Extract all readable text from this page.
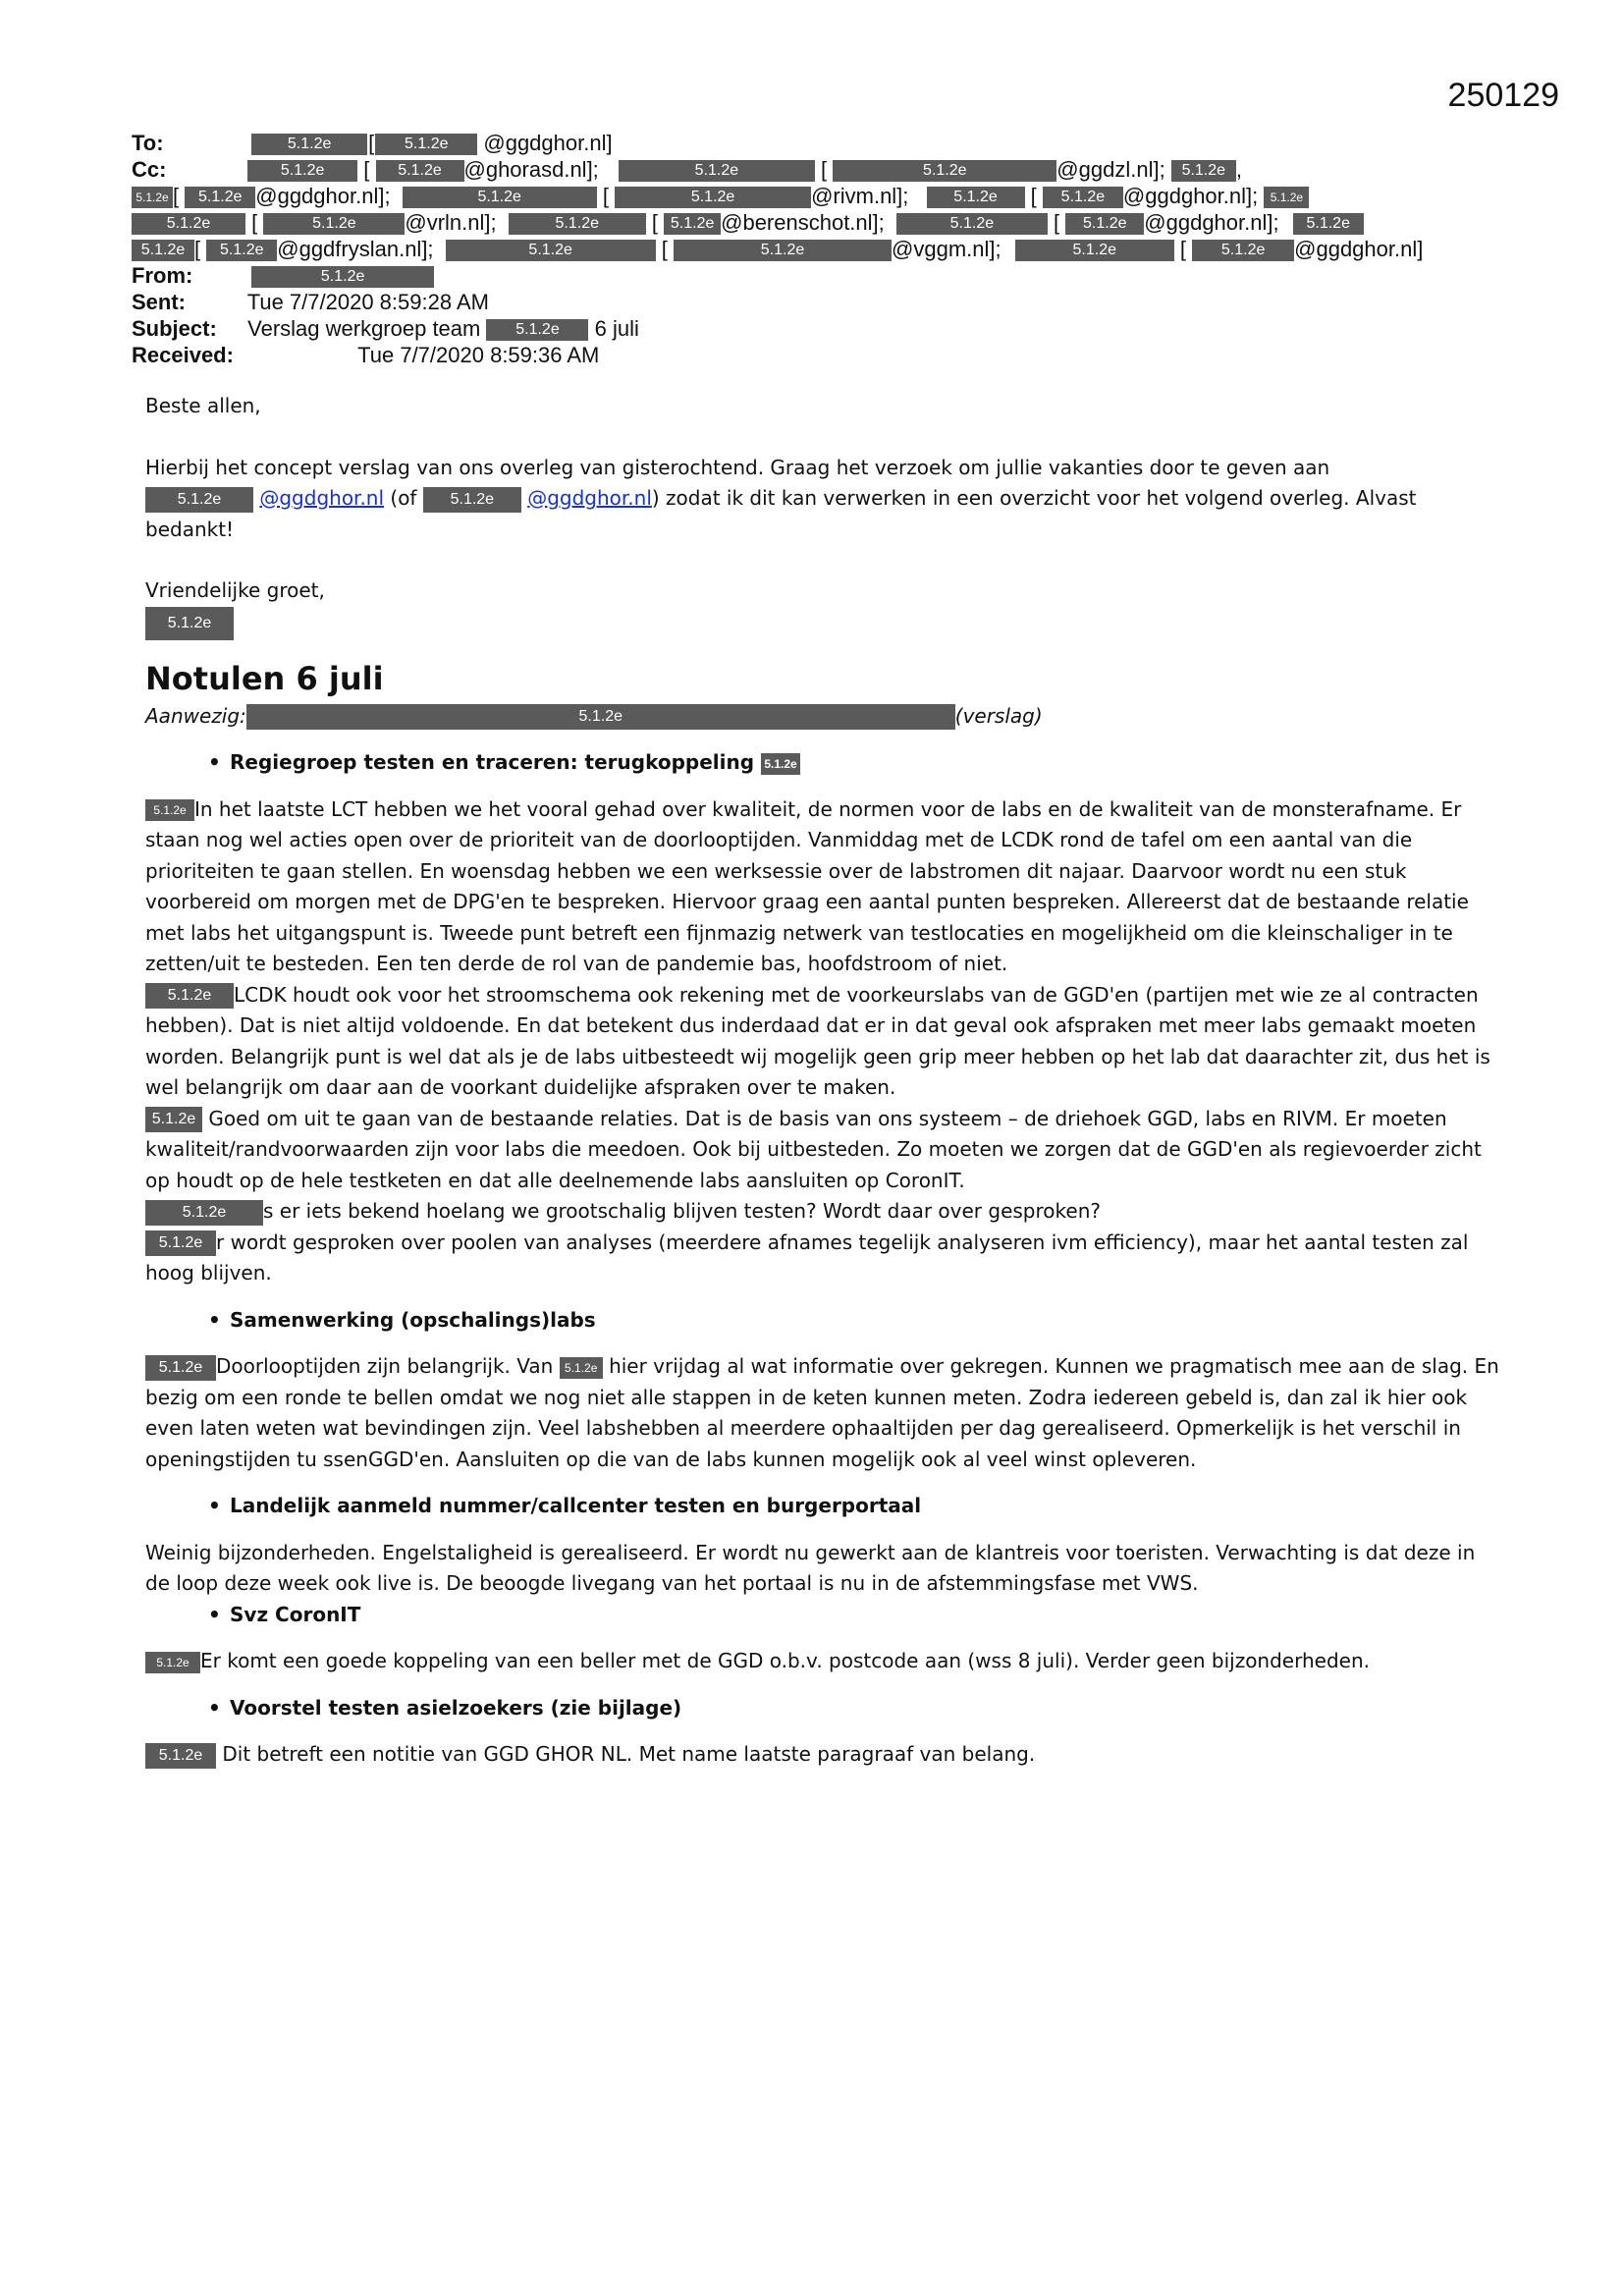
250129
To:	5.1.2e [ 5.1.2e @ggdghor.nl]
Cc:	5.1.2e [ 5.1.2e @ghorasd.nl];	5.1.2e	[	5.1.2e	@ggdzl.nl]; 5.1.2e ,
5.1.2e [ 5.1.2e @ggdghor.nl];	5.1.2e	[	5.1.2e	@rivm.nl];	5.1.2e [ 5.1.2e @ggdghor.nl]; 5.1.2e
5.1.2e [	5.1.2e @vrln.nl];	5.1.2e [ 5.1.2e @berenschot.nl];	5.1.2e	[ 5.1.2e @ggdghor.nl]; 5.1.2e
5.1.2e [ 5.1.2e @ggdfryslan.nl];	5.1.2e	[	5.1.2e	@vggm.nl];	5.1.2e	[ 5.1.2e @ggdghor.nl]
From:	5.1.2e
Sent:	Tue 7/7/2020 8:59:28 AM
Subject: Verslag werkgroep team 5.1.2e 6 juli
Received:	Tue 7/7/2020 8:59:36 AM

Beste allen,

Hierbij het concept verslag van ons overleg van gisterochtend. Graag het verzoek om jullie vakanties door te geven aan
5.1.2e @ggdghor.nl (of 5.1.2e @ggdghor.nl) zodat ik dit kan verwerken in een overzicht voor het volgend overleg. Alvast bedankt!

Vriendelijke groet,

5.1.2e

Notulen 6 juli

Aanwezig:	5.1.2e	(verslag)

• Regiegroep testen en traceren: terugkoppeling 5.1.2e

5.1.2e In het laatste LCT hebben we het vooral gehad over kwaliteit, de normen voor de labs en de kwaliteit van de monsterafname. Er staan nog wel acties open over de prioriteit van de doorlooptijden. Vanmiddag met de LCDK rond de tafel om een aantal van die prioriteiten te gaan stellen. En woensdag hebben we een werksessie over de labstromen dit najaar. Daarvoor wordt nu een stuk voorbereid om morgen met de DPG'en te bespreken. Hiervoor graag een aantal punten bespreken. Allereerst dat de bestaande relatie met labs het uitgangspunt is. Tweede punt betreft een fijnmazig netwerk van testlocaties en mogelijkheid om die kleinschaliger in te zetten/uit te besteden. Een ten derde de rol van de pandemie bas, hoofdstroom of niet.

5.1.2e LCDK houdt ook voor het stroomschema ook rekening met de voorkeurslabs van de GGD'en (partijen met wie ze al contracten hebben). Dat is niet altijd voldoende. En dat betekent dus inderdaad dat er in dat geval ook afspraken met meer labs gemaakt moeten worden. Belangrijk punt is wel dat als je de labs uitbesteedt wij mogelijk geen grip meer hebben op het lab dat daarachter zit, dus het is wel belangrijk om daar aan de voorkant duidelijke afspraken over te maken.

5.1.2e Goed om uit te gaan van de bestaande relaties. Dat is de basis van ons systeem – de driehoek GGD, labs en RIVM. Er moeten kwaliteit/randvoorwaarden zijn voor labs die meedoen. Ook bij uitbesteden. Zo moeten we zorgen dat de GGD'en als regievoerder zicht op houdt op de hele testketen en dat alle deelnemende labs aansluiten op CoronIT.

5.1.2e s er iets bekend hoelang we grootschalig blijven testen? Wordt daar over gesproken?

5.1.2e r wordt gesproken over poolen van analyses (meerdere afnames tegelijk analyseren ivm efficiency), maar het aantal testen zal hoog blijven.

• Samenwerking (opschalings)labs

5.1.2e Doorlooptijden zijn belangrijk. Van 5.1.2e hier vrijdag al wat informatie over gekregen. Kunnen we pragmatisch mee aan de slag. En bezig om een ronde te bellen omdat we nog niet alle stappen in de keten kunnen meten. Zodra iedereen gebeld is, dan zal ik hier ook even laten weten wat bevindingen zijn. Veel labshebben al meerdere ophaaltijden per dag gerealiseerd. Opmerkelijk is het verschil in openingstijden tu ssenGGD'en. Aansluiten op die van de labs kunnen mogelijk ook al veel winst opleveren.

• Landelijk aanmeld nummer/callcenter testen en burgerportaal

Weinig bijzonderheden. Engelstaligheid is gerealiseerd. Er wordt nu gewerkt aan de klantreis voor toeristen. Verwachting is dat deze in de loop deze week ook live is. De beoogde livegang van het portaal is nu in de afstemmingsfase met VWS.

• Svz CoronIT

5.1.2e Er komt een goede koppeling van een beller met de GGD o.b.v. postcode aan (wss 8 juli). Verder geen bijzonderheden.

• Voorstel testen asielzoekers (zie bijlage)

5.1.2e Dit betreft een notitie van GGD GHOR NL. Met name laatste paragraaf van belang.
